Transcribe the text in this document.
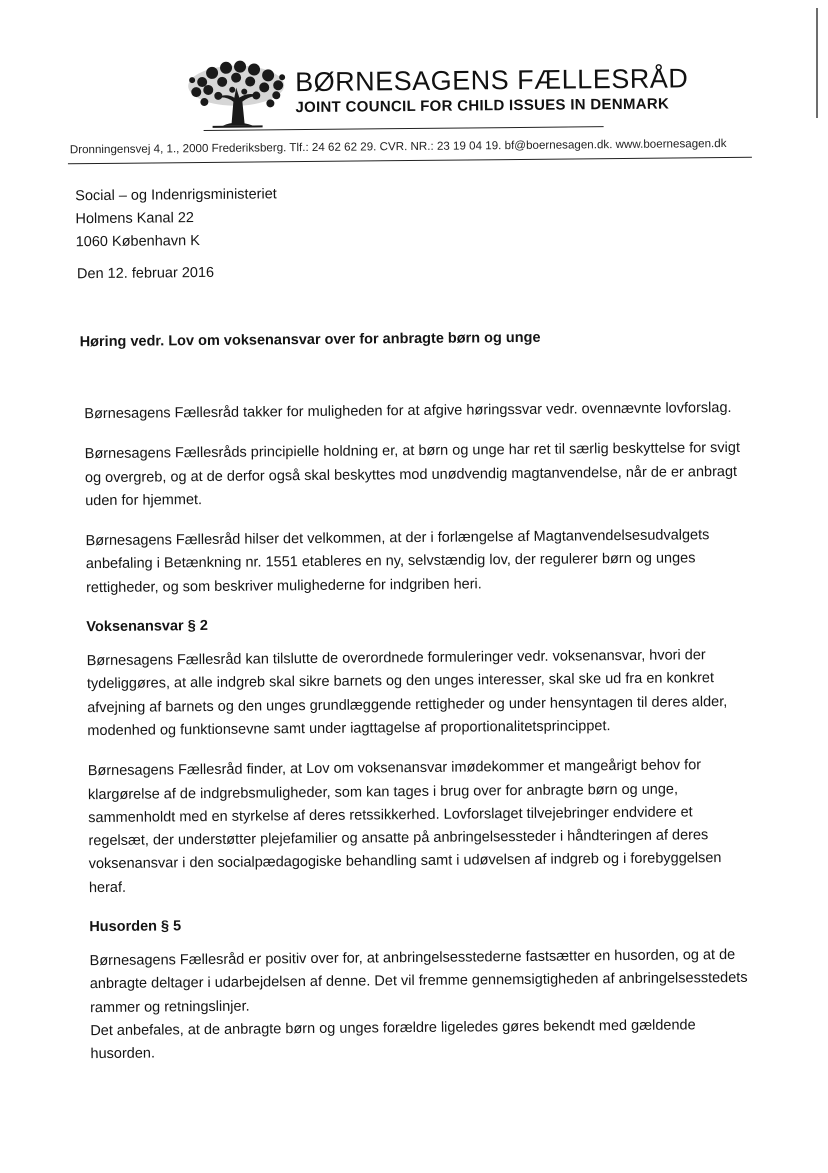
BØRNESAGENS FÆLLESRÅD
JOINT COUNCIL FOR CHILD ISSUES IN DENMARK
Dronningensvej 4, 1., 2000 Frederiksberg. Tlf.: 24 62 62 29. CVR. NR.: 23 19 04 19. bf@boernesagen.dk. www.boernesagen.dk
Social – og Indenrigsministeriet
Holmens Kanal 22
1060 København K
Den 12. februar 2016
Høring vedr. Lov om voksenansvar over for anbragte børn og unge

Børnesagens Fællesråd takker for muligheden for at afgive høringssvar vedr. ovennævnte lovforslag.

Børnesagens Fællesråds principielle holdning er, at børn og unge har ret til særlig beskyttelse for svigt og overgreb, og at de derfor også skal beskyttes mod unødvendig magtanvendelse, når de er anbragt uden for hjemmet.

Børnesagens Fællesråd hilser det velkommen, at der i forlængelse af Magtanvendelsesudvalgets anbefaling i Betænkning nr. 1551 etableres en ny, selvstændig lov, der regulerer børn og unges rettigheder, og som beskriver mulighederne for indgriben heri.

Voksenansvar § 2

Børnesagens Fællesråd kan tilslutte de overordnede formuleringer vedr. voksenansvar, hvori der tydeliggøres, at alle indgreb skal sikre barnets og den unges interesser, skal ske ud fra en konkret afvejning af barnets og den unges grundlæggende rettigheder og under hensyntagen til deres alder, modenhed og funktionsevne samt under iagttagelse af proportionalitetsprincippet.

Børnesagens Fællesråd finder, at Lov om voksenansvar imødekommer et mangeårigt behov for klargørelse af de indgrebsmuligheder, som kan tages i brug over for anbragte børn og unge, sammenholdt med en styrkelse af deres retssikkerhed. Lovforslaget tilvejebringer endvidere et regelsæt, der understøtter plejefamilier og ansatte på anbringelsessteder i håndteringen af deres voksenansvar i den socialpædagogiske behandling samt i udøvelsen af indgreb og i forebyggelsen heraf.

Husorden § 5

Børnesagens Fællesråd er positiv over for, at anbringelsesstederne fastsætter en husorden, og at de anbragte deltager i udarbejdelsen af denne. Det vil fremme gennemsigtigheden af anbringelsesstedets rammer og retningslinjer.

Det anbefales, at de anbragte børn og unges forældre ligeledes gøres bekendt med gældende husorden.
